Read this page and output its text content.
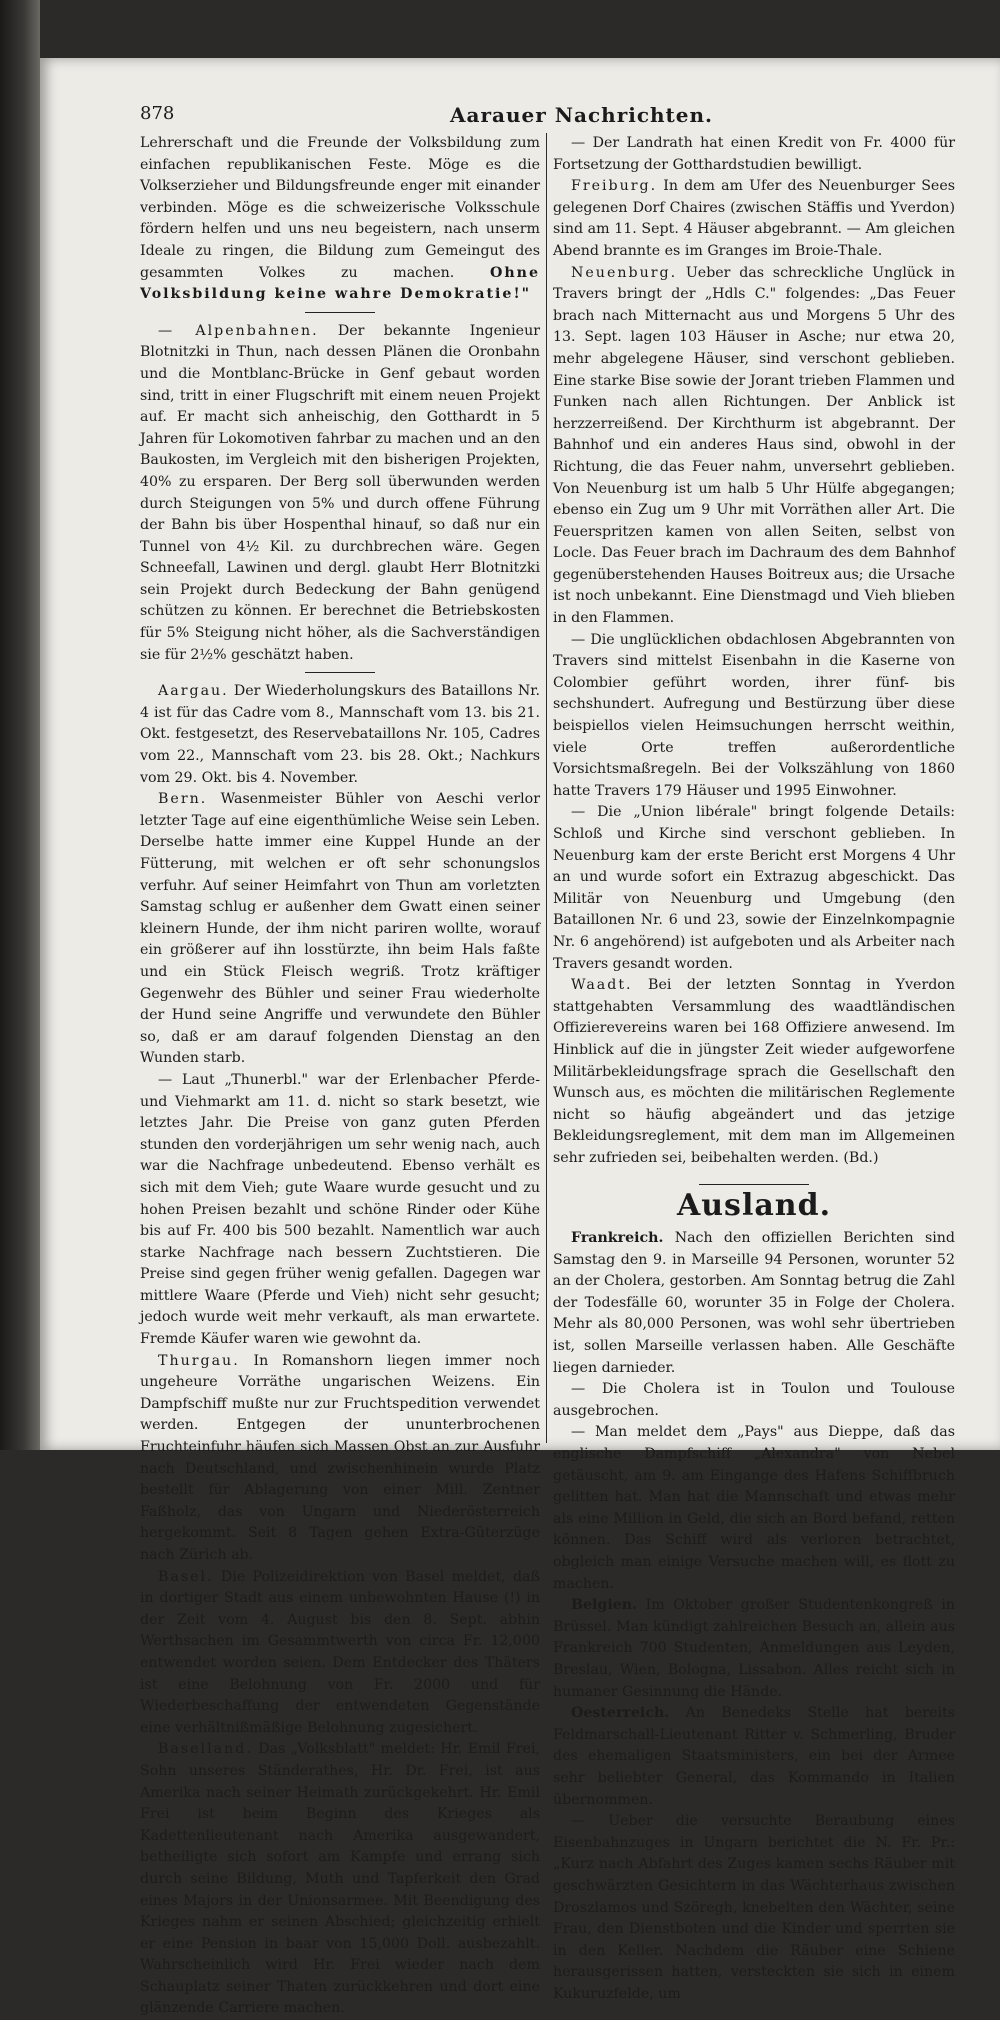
878	Aarauer Nachrichten.

Lehrerschaft und die Freunde der Volksbildung zum einfachen republikanischen Feste. Möge es die Volkserzieher und Bildungsfreunde enger mit einander verbinden. Möge es die schweizerische Volksschule fördern helfen und uns neu begeistern, nach unserm Ideale zu ringen, die Bildung zum Gemeingut des gesammten Volkes zu machen.	Ohne Volksbildung keine wahre Demokratie!"

— Alpenbahnen. Der bekannte Ingenieur Blotnitzki in Thun, nach dessen Plänen die Oronbahn und die Montblanc-Brücke in Genf gebaut worden sind, tritt in einer Flugschrift mit einem neuen Projekt auf. Er macht sich anheischig, den Gotthardt in 5 Jahren für Lokomotiven fahrbar zu machen und an den Baukosten, im Vergleich mit den bisherigen Projekten, 40% zu ersparen. Der Berg soll überwunden werden durch Steigungen von 5% und durch offene Führung der Bahn bis über Hospenthal hinauf, so daß nur ein Tunnel von 4½ Kil. zu durchbrechen wäre. Gegen Schneefall, Lawinen und dergl. glaubt Herr Blotnitzki sein Projekt durch Bedeckung der Bahn genügend schützen zu können. Er berechnet die Betriebskosten für 5% Steigung nicht höher, als die Sachverständigen sie für 2½% geschätzt haben.

Aargau. Der Wiederholungskurs des Bataillons Nr. 4 ist für das Cadre vom 8., Mannschaft vom 13. bis 21. Okt. festgesetzt, des Reservebataillons Nr. 105, Cadres vom 22., Mannschaft vom 23. bis 28. Okt.; Nachkurs vom 29. Okt. bis 4. November.

Bern. Wasenmeister Bühler von Aeschi verlor letzter Tage auf eine eigenthümliche Weise sein Leben. Derselbe hatte immer eine Kuppel Hunde an der Fütterung, mit welchen er oft sehr schonungslos verfuhr. Auf seiner Heimfahrt von Thun am vorletzten Samstag schlug er außenher dem Gwatt einen seiner kleinern Hunde, der ihm nicht pariren wollte, worauf ein größerer auf ihn losstürzte, ihn beim Hals faßte und ein Stück Fleisch wegriß. Trotz kräftiger Gegenwehr des Bühler und seiner Frau wiederholte der Hund seine Angriffe und verwundete den Bühler so, daß er am darauf folgenden Dienstag an den Wunden starb.

— Laut „Thunerbl." war der Erlenbacher Pferde- und Viehmarkt am 11. d. nicht so stark besetzt, wie letztes Jahr. Die Preise von ganz guten Pferden stunden den vorderjährigen um sehr wenig nach, auch war die Nachfrage unbedeutend. Ebenso verhält es sich mit dem Vieh; gute Waare wurde gesucht und zu hohen Preisen bezahlt und schöne Rinder oder Kühe bis auf Fr. 400 bis 500 bezahlt. Namentlich war auch starke Nachfrage nach bessern Zuchtstieren. Die Preise sind gegen früher wenig gefallen. Dagegen war mittlere Waare (Pferde und Vieh) nicht sehr gesucht; jedoch wurde weit mehr verkauft, als man erwartete. Fremde Käufer waren wie gewohnt da.

Thurgau. In Romanshorn liegen immer noch ungeheure Vorräthe ungarischen Weizens. Ein Dampfschiff mußte nur zur Fruchtspedition verwendet werden. Entgegen der ununterbrochenen Fruchteinfuhr häufen sich Massen Obst an zur Ausfuhr nach Deutschland, und zwischenhinein wurde Platz bestellt für Ablagerung von einer Mill. Zentner Faßholz, das von Ungarn und Niederösterreich hergekommt. Seit 8 Tagen gehen Extra-Güterzüge nach Zürich ab.

Basel. Die Polizeidirektion von Basel meldet, daß in dortiger Stadt aus einem unbewohnten Hause (!) in der Zeit vom 4. August bis den 8. Sept. abhin Werthsachen im Gesammtwerth von circa Fr. 12,000 entwendet worden seien. Dem Entdecker des Thäters ist eine Belohnung von Fr. 2000 und für Wiederbeschaffung der entwendeten Gegenstände eine verhältnißmäßige Belohnung zugesichert.

Baselland. Das „Volksblatt" meldet: Hr. Emil Frei, Sohn unseres Ständerathes, Hr. Dr. Frei, ist aus Amerika nach seiner Heimath zurückgekehrt. Hr. Emil Frei ist beim Beginn des Krieges als Kadettenlieutenant nach Amerika ausgewandert, betheiligte sich sofort am Kampfe und errang sich durch seine Bildung, Muth und Tapferkeit den Grad eines Majors in der Unionsarmee. Mit Beendigung des Krieges nahm er seinen Abschied; gleichzeitig erhielt er eine Pension in baar von 15,000 Doll. ausbezahlt. Wahrscheinlich wird Hr. Frei wieder nach dem Schauplatz seiner Thaten zurückkehren und dort eine glänzende Carriere machen.

— Der Landrath hat einen Kredit von Fr. 4000 für Fortsetzung der Gotthardstudien bewilligt.

Freiburg. In dem am Ufer des Neuenburger Sees gelegenen Dorf Chaires (zwischen Stäffis und Yverdon) sind am 11. Sept. 4 Häuser abgebrannt. — Am gleichen Abend brannte es im Granges im Broie-Thale.

Neuenburg. Ueber das schreckliche Unglück in Travers bringt der „Hdls C." folgendes: „Das Feuer brach nach Mitternacht aus und Morgens 5 Uhr des 13. Sept. lagen 103 Häuser in Asche; nur etwa 20, mehr abgelegene Häuser, sind verschont geblieben. Eine starke Bise sowie der Jorant trieben Flammen und Funken nach allen Richtungen. Der Anblick ist herzzerreißend. Der Kirchthurm ist abgebrannt. Der Bahnhof und ein anderes Haus sind, obwohl in der Richtung, die das Feuer nahm, unversehrt geblieben. Von Neuenburg ist um halb 5 Uhr Hülfe abgegangen; ebenso ein Zug um 9 Uhr mit Vorräthen aller Art. Die Feuerspritzen kamen von allen Seiten, selbst von Locle. Das Feuer brach im Dachraum des dem Bahnhof gegenüberstehenden Hauses Boitreux aus; die Ursache ist noch unbekannt. Eine Dienstmagd und Vieh blieben in den Flammen.

— Die unglücklichen obdachlosen Abgebrannten von Travers sind mittelst Eisenbahn in die Kaserne von Colombier geführt worden, ihrer fünf- bis sechshundert. Aufregung und Bestürzung über diese beispiellos vielen Heimsuchungen herrscht weithin, viele Orte treffen außerordentliche Vorsichtsmaßregeln. Bei der Volkszählung von 1860 hatte Travers 179 Häuser und 1995 Einwohner.

— Die „Union libérale" bringt folgende Details: Schloß und Kirche sind verschont geblieben. In Neuenburg kam der erste Bericht erst Morgens 4 Uhr an und wurde sofort ein Extrazug abgeschickt. Das Militär von Neuenburg und Umgebung (den Bataillonen Nr. 6 und 23, sowie der Einzelnkompagnie Nr. 6 angehörend) ist aufgeboten und als Arbeiter nach Travers gesandt worden.

Waadt. Bei der letzten Sonntag in Yverdon stattgehabten Versammlung des waadtländischen Offizierevereins waren bei 168 Offiziere anwesend. Im Hinblick auf die in jüngster Zeit wieder aufgeworfene Militärbekleidungsfrage sprach die Gesellschaft den Wunsch aus, es möchten die militärischen Reglemente nicht so häufig abgeändert und das jetzige Bekleidungsreglement, mit dem man im Allgemeinen sehr zufrieden sei, beibehalten werden. (Bd.)

Ausland.

Frankreich. Nach den offiziellen Berichten sind Samstag den 9. in Marseille 94 Personen, worunter 52 an der Cholera, gestorben. Am Sonntag betrug die Zahl der Todesfälle 60, worunter 35 in Folge der Cholera. Mehr als 80,000 Personen, was wohl sehr übertrieben ist, sollen Marseille verlassen haben. Alle Geschäfte liegen darnieder.

— Die Cholera ist in Toulon und Toulouse ausgebrochen.

— Man meldet dem „Pays" aus Dieppe, daß das englische Dampfschiff „Alexandra" von Nebel getäuscht, am 9. am Eingange des Hafens Schiffbruch gelitten hat. Man hat die Mannschaft und etwas mehr als eine Million in Geld, die sich an Bord befand, retten können. Das Schiff wird als verloren betrachtet, obgleich man einige Versuche machen will, es flott zu machen.

Belgien. Im Oktober großer Studentenkongreß in Brüssel. Man kündigt zahlreichen Besuch an, allein aus Frankreich 700 Studenten, Anmeldungen aus Leyden, Breslau, Wien, Bologna, Lissabon. Alles reicht sich in humaner Gesinnung die Hände.

Oesterreich. An Benedeks Stelle hat bereits Feldmarschall-Lieutenant Ritter v. Schmerling, Bruder des ehemaligen Staatsministers, ein bei der Armee sehr beliebter General, das Kommando in Italien übernommen.

— Ueber die versuchte Beraubung eines Eisenbahnzuges in Ungarn berichtet die N. Fr. Pr.: „Kurz nach Abfahrt des Zuges kamen sechs Räuber mit geschwärzten Gesichtern in das Wächterhaus zwischen Droszlamos und Szöregh, knebelten den Wächter, seine Frau, den Dienstboten und die Kinder und sperrten sie in den Keller. Nachdem die Räuber eine Schiene herausgerissen hatten, versteckten sie sich in einem Kukuruzfelde, um
